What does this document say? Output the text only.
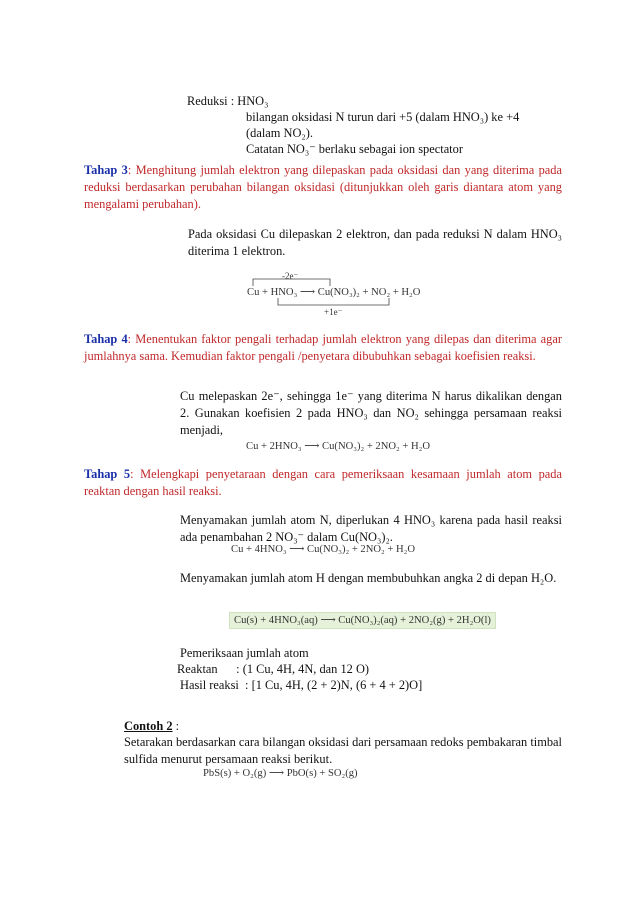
Reduksi : HNO₃
bilangan oksidasi N turun dari +5 (dalam HNO₃) ke +4
(dalam NO₂).
Catatan NO₃⁻ berlaku sebagai ion spectator
Tahap 3: Menghitung jumlah elektron yang dilepaskan pada oksidasi dan yang diterima pada reduksi berdasarkan perubahan bilangan oksidasi (ditunjukkan oleh garis diantara atom yang mengalami perubahan).
Pada oksidasi Cu dilepaskan 2 elektron, dan pada reduksi N dalam HNO₃ diterima 1 elektron.
-2e⁻
Cu + HNO₃ ⟶ Cu(NO₃)₂ + NO₂ + H₂O
+1e⁻
Tahap 4: Menentukan faktor pengali terhadap jumlah elektron yang dilepas dan diterima agar jumlahnya sama. Kemudian faktor pengali /penyetara dibubuhkan sebagai koefisien reaksi.
Cu melepaskan 2e⁻, sehingga 1e⁻ yang diterima N harus dikalikan dengan 2. Gunakan koefisien 2 pada HNO₃ dan NO₂ sehingga persamaan reaksi menjadi,
Cu + 2HNO₃ ⟶ Cu(NO₃)₂ + 2NO₂ + H₂O
Tahap 5: Melengkapi penyetaraan dengan cara pemeriksaan kesamaan jumlah atom pada reaktan dengan hasil reaksi.
Menyamakan jumlah atom N, diperlukan 4 HNO₃ karena pada hasil reaksi ada penambahan 2 NO₃⁻ dalam Cu(NO₃)₂.
Cu + 4HNO₃ ⟶ Cu(NO₃)₂ + 2NO₂ + H₂O
Menyamakan jumlah atom H dengan membubuhkan angka 2 di depan H₂O.
Cu(s) + 4HNO₃(aq) ⟶ Cu(NO₃)₂(aq) + 2NO₂(g) + 2H₂O(l)
Pemeriksaan jumlah atom
Reaktan      : (1 Cu, 4H, 4N, dan 12 O)
Hasil reaksi  : [1 Cu, 4H, (2 + 2)N, (6 + 4 + 2)O]
Contoh 2 :
Setarakan berdasarkan cara bilangan oksidasi dari persamaan redoks pembakaran timbal sulfida menurut persamaan reaksi berikut.
PbS(s) + O₂(g) ⟶ PbO(s) + SO₂(g)
